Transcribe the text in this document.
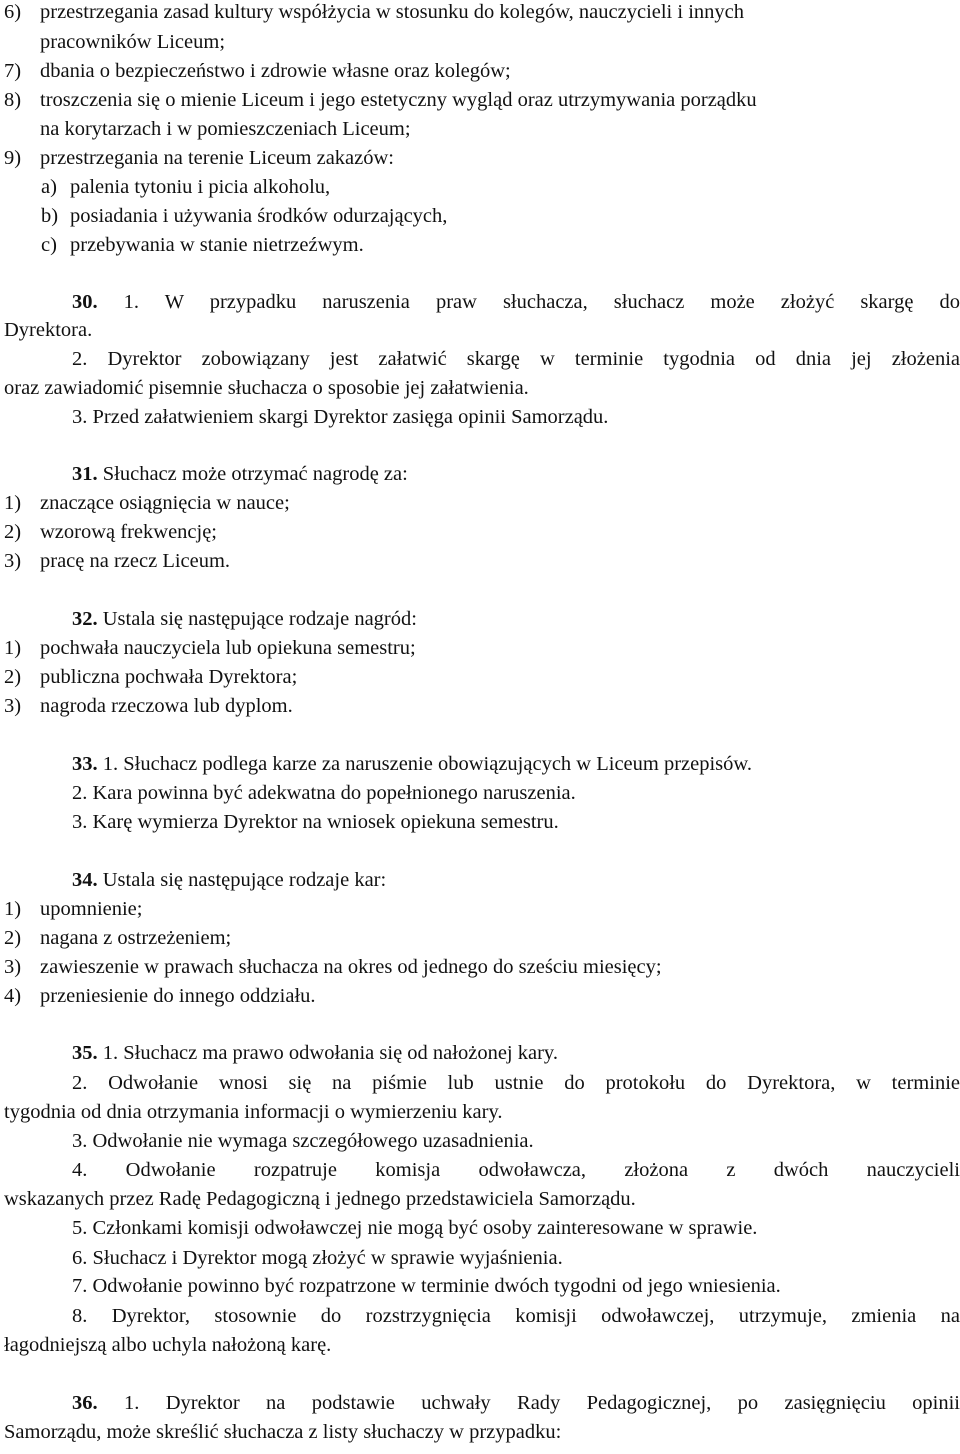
6) przestrzegania zasad kultury współżycia w stosunku do kolegów, nauczycieli i innych
pracowników Liceum;
7) dbania o bezpieczeństwo i zdrowie własne oraz kolegów;
8) troszczenia się o mienie Liceum i jego estetyczny wygląd oraz utrzymywania porządku
na korytarzach i w pomieszczeniach Liceum;
9) przestrzegania na terenie Liceum zakazów:
a) palenia tytoniu i picia alkoholu,
b) posiadania i używania środków odurzających,
c) przebywania w stanie nietrzeźwym.
30. 1. W przypadku naruszenia praw słuchacza, słuchacz może złożyć skargę do
Dyrektora.
2. Dyrektor zobowiązany jest załatwić skargę w terminie tygodnia od dnia jej złożenia
oraz zawiadomić pisemnie słuchacza o sposobie jej załatwienia.
3. Przed załatwieniem skargi Dyrektor zasięga opinii Samorządu.
31. Słuchacz może otrzymać nagrodę za:
1) znaczące osiągnięcia w nauce;
2) wzorową frekwencję;
3) pracę na rzecz Liceum.
32. Ustala się następujące rodzaje nagród:
1) pochwała nauczyciela lub opiekuna semestru;
2) publiczna pochwała Dyrektora;
3) nagroda rzeczowa lub dyplom.
33. 1. Słuchacz podlega karze za naruszenie obowiązujących w Liceum przepisów.
2. Kara powinna być adekwatna do popełnionego naruszenia.
3. Karę wymierza Dyrektor na wniosek opiekuna semestru.
34. Ustala się następujące rodzaje kar:
1) upomnienie;
2) nagana z ostrzeżeniem;
3) zawieszenie w prawach słuchacza na okres od jednego do sześciu miesięcy;
4) przeniesienie do innego oddziału.
35. 1. Słuchacz ma prawo odwołania się od nałożonej kary.
2. Odwołanie wnosi się na piśmie lub ustnie do protokołu do Dyrektora, w terminie
tygodnia od dnia otrzymania informacji o wymierzeniu kary.
3. Odwołanie nie wymaga szczegółowego uzasadnienia.
4. Odwołanie rozpatruje komisja odwoławcza, złożona z dwóch nauczycieli
wskazanych przez Radę Pedagogiczną i jednego przedstawiciela Samorządu.
5. Członkami komisji odwoławczej nie mogą być osoby zainteresowane w sprawie.
6. Słuchacz i Dyrektor mogą złożyć w sprawie wyjaśnienia.
7. Odwołanie powinno być rozpatrzone w terminie dwóch tygodni od jego wniesienia.
8. Dyrektor, stosownie do rozstrzygnięcia komisji odwoławczej, utrzymuje, zmienia na
łagodniejszą albo uchyla nałożoną karę.
36. 1. Dyrektor na podstawie uchwały Rady Pedagogicznej, po zasięgnięciu opinii
Samorządu, może skreślić słuchacza z listy słuchaczy w przypadku:
